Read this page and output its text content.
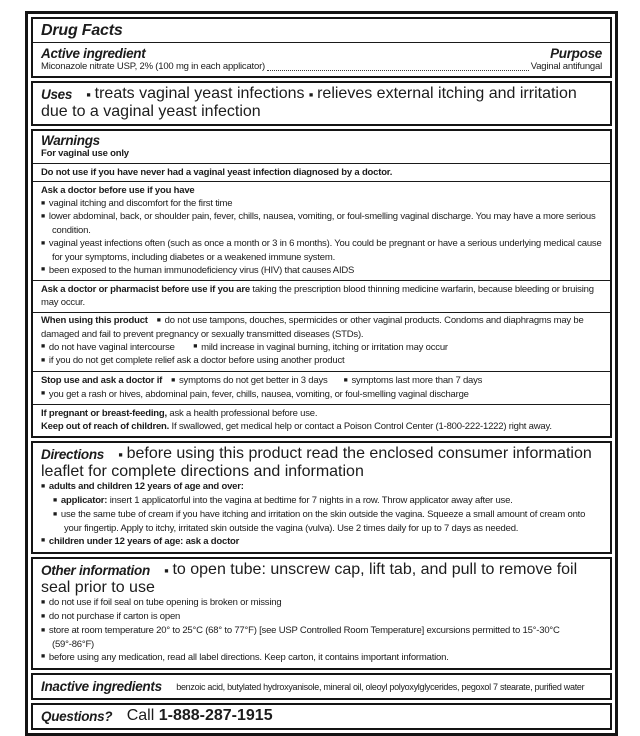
Drug Facts
Active ingredient	Purpose
Miconazole nitrate USP, 2% (100 mg in each applicator)	Vaginal antifungal

Uses ■ treats vaginal yeast infections ■ relieves external itching and irritation due to a vaginal yeast infection

Warnings

For vaginal use only

Do not use if you have never had a vaginal yeast infection diagnosed by a doctor.

Ask a doctor before use if you have

■ vaginal itching and discomfort for the first time
■ lower abdominal, back, or shoulder pain, fever, chills, nausea, vomiting, or foul-smelling vaginal discharge. You may have a more serious condition.
■ vaginal yeast infections often (such as once a month or 3 in 6 months). You could be pregnant or have a serious underlying medical cause for your symptoms, including diabetes or a weakened immune system.
■ been exposed to the human immunodeficiency virus (HIV) that causes AIDS

Ask a doctor or pharmacist before use if you are taking the prescription blood thinning medicine warfarin, because bleeding or bruising may occur.

When using this product ■ do not use tampons, douches, spermicides or other vaginal products. Condoms and diaphragms may be damaged and fail to prevent pregnancy or sexually transmitted diseases (STDs).

■ do not have vaginal intercourse	■ mild increase in vaginal burning, itching or irritation may occur

■ if you do not get complete relief ask a doctor before using another product

Stop use and ask a doctor if ■ symptoms do not get better in 3 days	■ symptoms last more than 7 days

■ you get a rash or hives, abdominal pain, fever, chills, nausea, vomiting, or foul-smelling vaginal discharge

If pregnant or breast-feeding, ask a health professional before use.

Keep out of reach of children. If swallowed, get medical help or contact a Poison Control Center (1-800-222-1222) right away.

Directions ■ before using this product read the enclosed consumer information leaflet for complete directions and information

■ adults and children 12 years of age and over:
■ applicator: insert 1 applicatorful into the vagina at bedtime for 7 nights in a row. Throw applicator away after use.
■ use the same tube of cream if you have itching and irritation on the skin outside the vagina. Squeeze a small amount of cream onto your fingertip. Apply to itchy, irritated skin outside the vagina (vulva). Use 2 times daily for up to 7 days as needed.
■ children under 12 years of age: ask a doctor

Other information ■ to open tube: unscrew cap, lift tab, and pull to remove foil seal prior to use

■ do not use if foil seal on tube opening is broken or missing
■ do not purchase if carton is open
■ store at room temperature 20° to 25°C (68° to 77°F) [see USP Controlled Room Temperature] excursions permitted to 15°-30°C (59°-86°F)
■ before using any medication, read all label directions. Keep carton, it contains important information.

Inactive ingredients benzoic acid, butylated hydroxyanisole, mineral oil, oleoyl polyoxylglycerides, pegoxol 7 stearate, purified water

Questions? Call 1-888-287-1915
